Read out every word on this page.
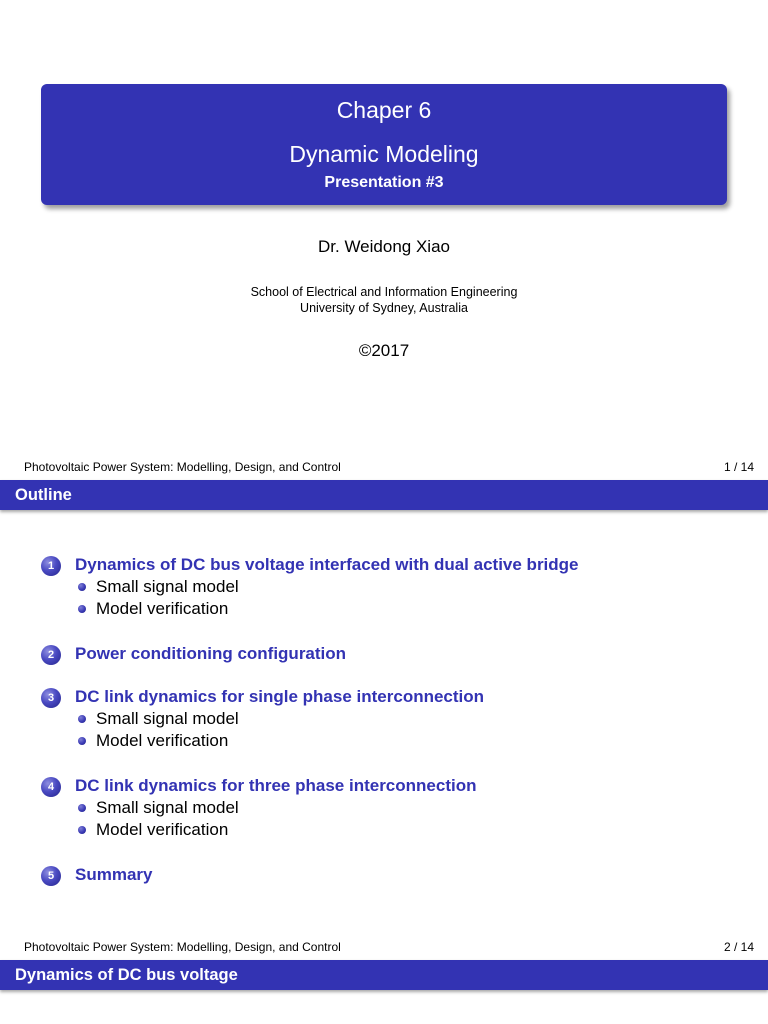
Chaper 6
Dynamic Modeling
Presentation #3
Dr. Weidong Xiao
School of Electrical and Information Engineering
University of Sydney, Australia
©2017
Photovoltaic Power System: Modelling, Design, and Control	1 / 14
Outline
1	Dynamics of DC bus voltage interfaced with dual active bridge
Small signal model
Model verification
2	Power conditioning configuration
3	DC link dynamics for single phase interconnection
Small signal model
Model verification
4	DC link dynamics for three phase interconnection
Small signal model
Model verification
5	Summary
Photovoltaic Power System: Modelling, Design, and Control	2 / 14
Dynamics of DC bus voltage
